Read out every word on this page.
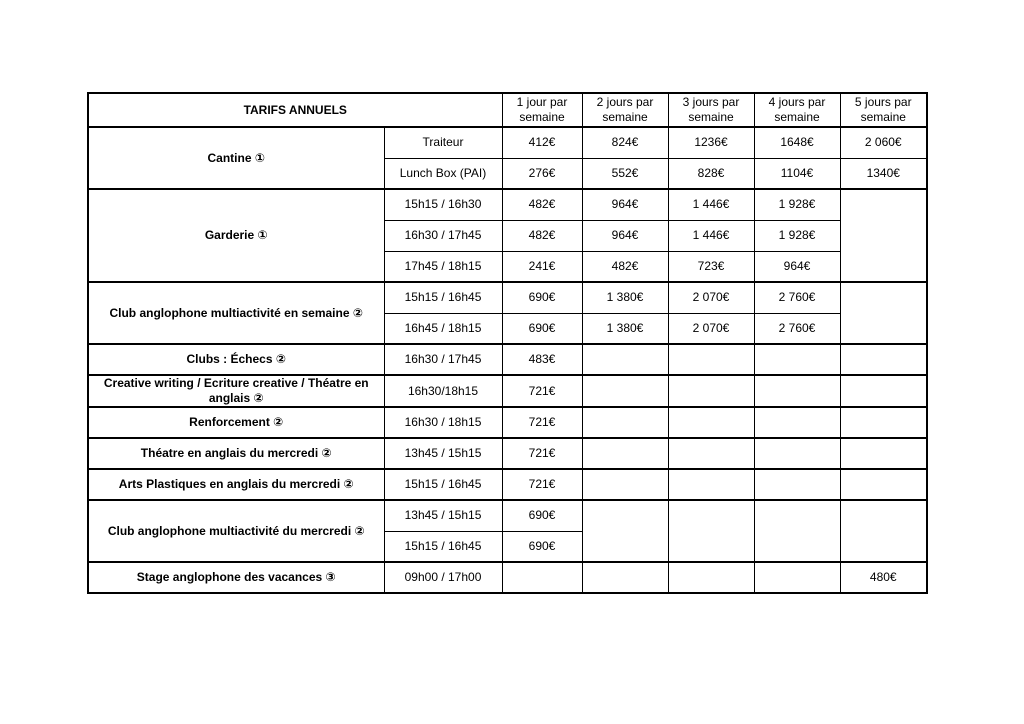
TARIFS ANNUELS		1 jour par semaine	2 jours par semaine	3 jours par semaine	4 jours par semaine	5 jours par semaine
Cantine ①	Traiteur	412€	824€	1236€	1648€	2 060€
	Lunch Box (PAI)	276€	552€	828€	1104€	1340€
Garderie ①	15h15 / 16h30	482€	964€	1 446€	1 928€	
	16h30 / 17h45	482€	964€	1 446€	1 928€	
	17h45 / 18h15	241€	482€	723€	964€	
Club anglophone multiactivité en semaine ②	15h15 / 16h45	690€	1 380€	2 070€	2 760€	
	16h45 / 18h15	690€	1 380€	2 070€	2 760€	
Clubs : Échecs ②	16h30 / 17h45	483€				
Creative writing / Ecriture creative / Théatre en anglais ②	16h30/18h15	721€				
Renforcement ②	16h30 / 18h15	721€				
Théatre en anglais du mercredi ②	13h45 / 15h15	721€				
Arts Plastiques en anglais du mercredi ②	15h15 / 16h45	721€				
Club anglophone multiactivité du mercredi ②	13h45 / 15h15	690€				
	15h15 / 16h45	690€				
Stage anglophone des vacances ③	09h00 / 17h00					480€
